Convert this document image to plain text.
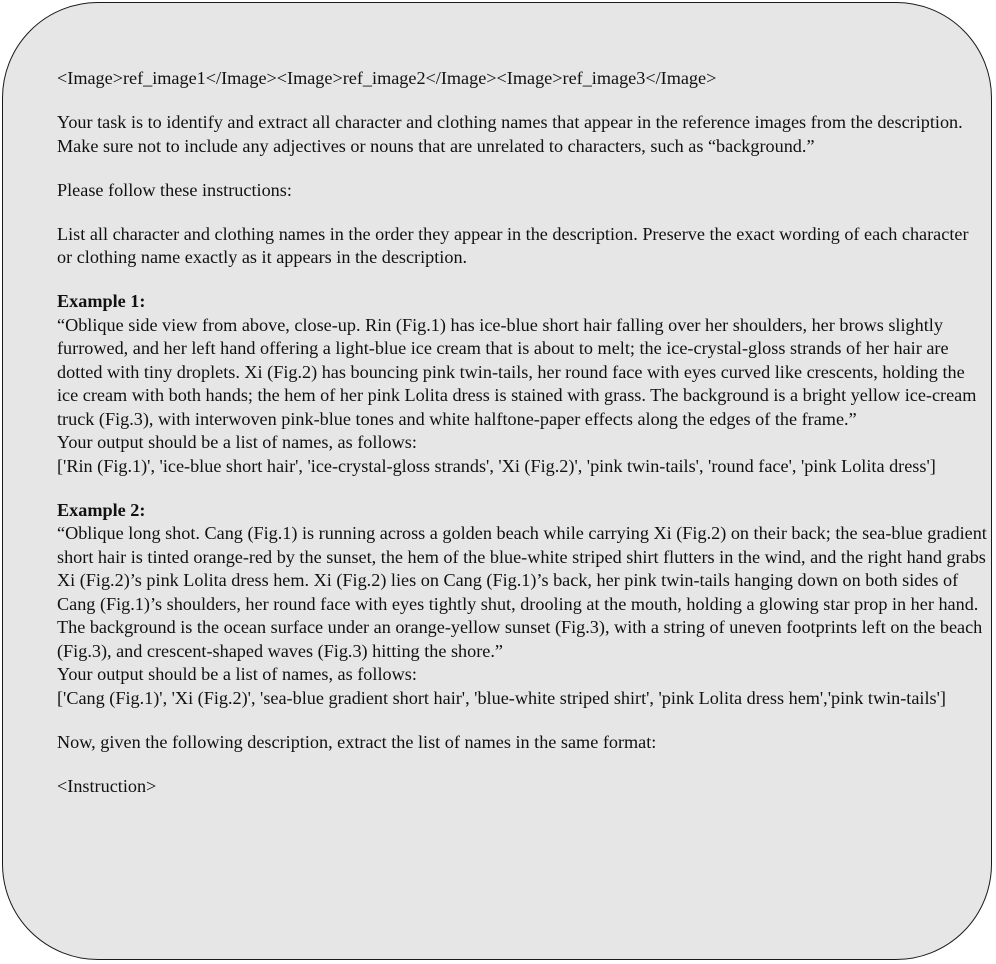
<Image>ref_image1</Image><Image>ref_image2</Image><Image>ref_image3</Image>

Your task is to identify and extract all character and clothing names that appear in the reference images from the description. Make sure not to include any adjectives or nouns that are unrelated to characters, such as “background.”

Please follow these instructions:

List all character and clothing names in the order they appear in the description. Preserve the exact wording of each character or clothing name exactly as it appears in the description.

Example 1:
“Oblique side view from above, close-up. Rin (Fig.1) has ice-blue short hair falling over her shoulders, her brows slightly furrowed, and her left hand offering a light-blue ice cream that is about to melt; the ice-crystal-gloss strands of her hair are dotted with tiny droplets. Xi (Fig.2) has bouncing pink twin-tails, her round face with eyes curved like crescents, holding the ice cream with both hands; the hem of her pink Lolita dress is stained with grass. The background is a bright yellow ice-cream truck (Fig.3), with interwoven pink-blue tones and white halftone-paper effects along the edges of the frame.”
Your output should be a list of names, as follows:
['Rin (Fig.1)', 'ice-blue short hair', 'ice-crystal-gloss strands', 'Xi (Fig.2)', 'pink twin-tails', 'round face', 'pink Lolita dress']
Example 2:
“Oblique long shot. Cang (Fig.1) is running across a golden beach while carrying Xi (Fig.2) on their back; the sea-blue gradient short hair is tinted orange-red by the sunset, the hem of the blue-white striped shirt flutters in the wind, and the right hand grabs Xi (Fig.2)’s pink Lolita dress hem. Xi (Fig.2) lies on Cang (Fig.1)’s back, her pink twin-tails hanging down on both sides of Cang (Fig.1)’s shoulders, her round face with eyes tightly shut, drooling at the mouth, holding a glowing star prop in her hand. The background is the ocean surface under an orange-yellow sunset (Fig.3), with a string of uneven footprints left on the beach (Fig.3), and crescent-shaped waves (Fig.3) hitting the shore.”
Your output should be a list of names, as follows:
['Cang (Fig.1)', 'Xi (Fig.2)', 'sea-blue gradient short hair', 'blue-white striped shirt', 'pink Lolita dress hem','pink twin-tails']

Now, given the following description, extract the list of names in the same format:

<Instruction>
